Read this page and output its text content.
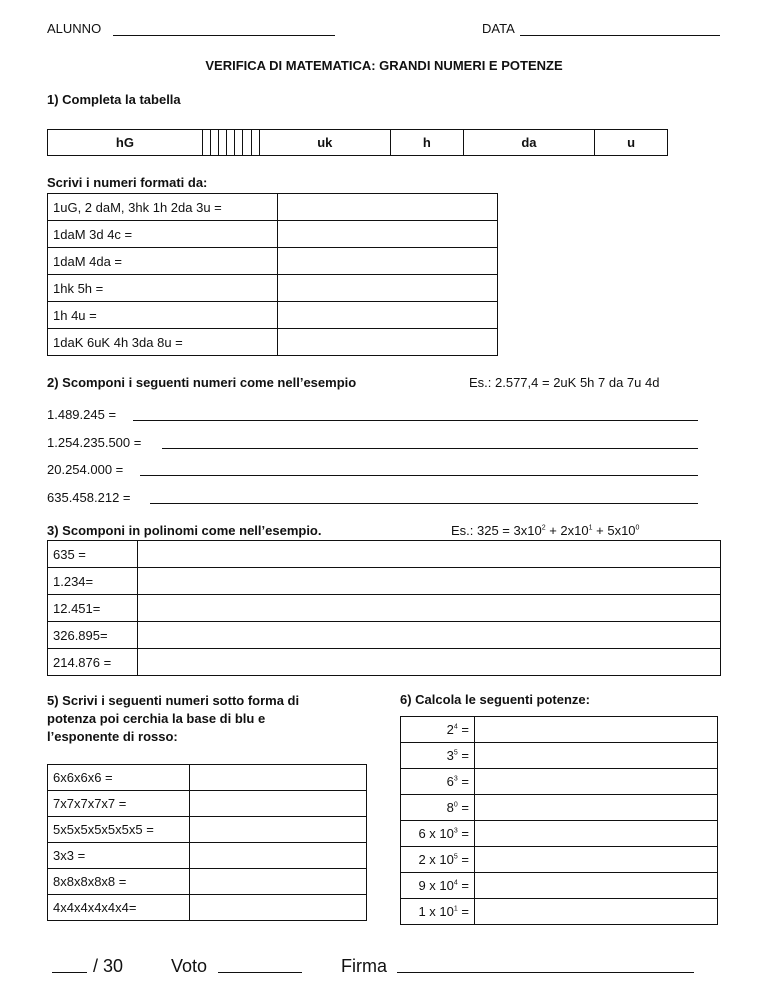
ALUNNO	DATA
VERIFICA DI MATEMATICA: GRANDI NUMERI E POTENZE
1) Completa la tabella
hG								uk	h	da	u
Scrivi i numeri formati da:
1uG, 2 daM, 3hk 1h 2da 3u =	
1daM 3d 4c =	
1daM 4da =	
1hk 5h =	
1h 4u =	
1daK 6uK 4h 3da 8u =	
2) Scomponi i seguenti numeri come nell’esempio	Es.: 2.577,4 = 2uK 5h 7 da 7u 4d
1.489.245 =
1.254.235.500 =
20.254.000 =
635.458.212 =
3) Scomponi in polinomi come nell’esempio.	Es.: $325 = 3x10^2 + 2x10^1 + 5x10^0$
635 =	
1.234=	
12.451=	
326.895=	
214.876 =	
5) Scrivi i seguenti numeri sotto forma di
potenza poi cerchia la base di blu e
l’esponente di rosso:
6x6x6x6 =	
7x7x7x7x7 =	
5x5x5x5x5x5x5 =	
3x3 =	
8x8x8x8x8 =	
4x4x4x4x4x4=	
6) Calcola le seguenti potenze:
$2^4$ =	
$3^5$ =	
$6^3$ =	
$8^0$ =	
6 x $10^3$ =	
2 x $10^5$ =	
9 x $10^4$ =	
1 x $10^1$ =	
/ 30	Voto	Firma
